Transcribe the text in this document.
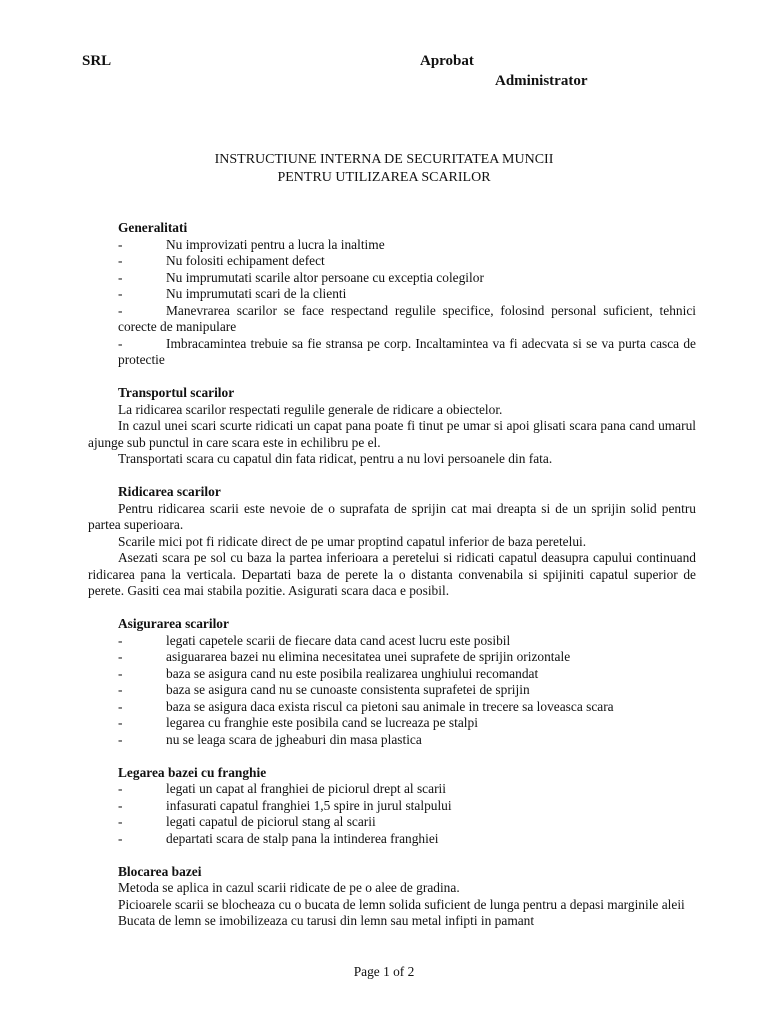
SRL	Aprobat
Administrator
INSTRUCTIUNE INTERNA DE SECURITATEA MUNCII
PENTRU UTILIZAREA SCARILOR
Generalitati
-	Nu improvizati pentru a lucra la inaltime
-	Nu folositi echipament defect
-	Nu imprumutati scarile altor persoane cu exceptia colegilor
-	Nu imprumutati scari de la clienti
-	Manevrarea scarilor se face respectand regulile specifice, folosind personal suficient, tehnici corecte de manipulare
-	Imbracamintea trebuie sa fie stransa pe corp. Incaltamintea va fi adecvata si se va purta casca de protectie
Transportul scarilor
La ridicarea scarilor respectati regulile generale de ridicare a obiectelor.
In cazul unei scari scurte ridicati un capat pana poate fi tinut pe umar si apoi glisati scara pana cand umarul ajunge sub punctul in care scara este in echilibru pe el.
Transportati scara cu capatul din fata ridicat, pentru a nu lovi persoanele din fata.
Ridicarea scarilor
Pentru ridicarea scarii este nevoie de o suprafata de sprijin cat mai dreapta si de un sprijin solid pentru partea superioara.
Scarile mici pot fi ridicate direct de pe umar proptind capatul inferior de baza peretelui.
Asezati scara pe sol cu baza la partea inferioara a peretelui si ridicati capatul deasupra capului continuand ridicarea pana la verticala. Departati baza de perete la o distanta convenabila si spijiniti capatul superior de perete. Gasiti cea mai stabila pozitie. Asigurati scara daca e posibil.
Asigurarea scarilor
-	legati capetele scarii de fiecare data cand acest lucru este posibil
-	asiguararea bazei nu elimina necesitatea unei suprafete de sprijin orizontale
-	baza se asigura cand nu este posibila realizarea unghiului recomandat
-	baza se asigura cand nu se cunoaste consistenta suprafetei de sprijin
-	baza se asigura daca exista riscul ca pietoni sau animale in trecere sa loveasca scara
-	legarea cu franghie este posibila cand se lucreaza pe stalpi
-	nu se leaga scara de jgheaburi din masa plastica
Legarea bazei cu franghie
-	legati un capat al franghiei de piciorul drept al scarii
-	infasurati capatul franghiei 1,5 spire in jurul stalpului
-	legati capatul de piciorul stang al scarii
-	departati scara de stalp pana la intinderea franghiei
Blocarea bazei
Metoda se aplica in cazul scarii ridicate de pe o alee de gradina.
Picioarele scarii se blocheaza cu o bucata de lemn solida suficient de lunga pentru a depasi marginile aleii
Bucata de lemn se imobilizeaza cu tarusi din lemn sau metal infipti in pamant
Page 1 of 2
